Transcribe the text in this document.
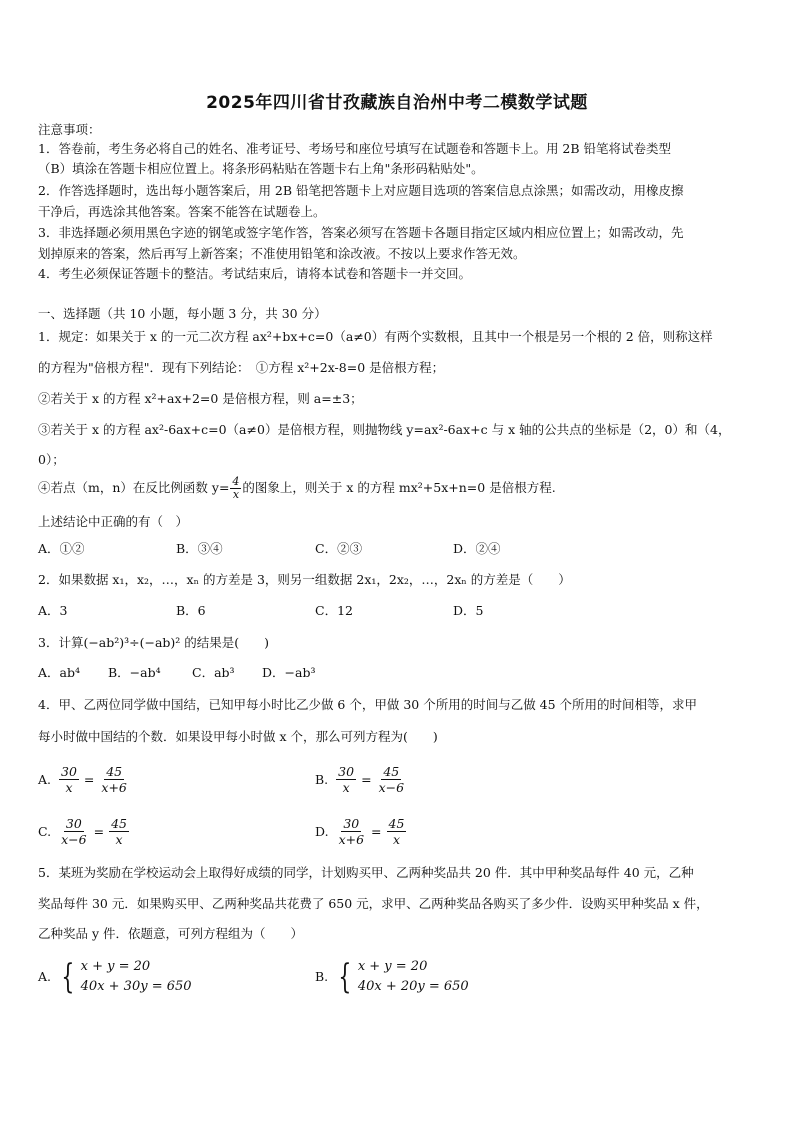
2025年四川省甘孜藏族自治州中考二模数学试题
注意事项：
1．答卷前，考生务必将自己的姓名、准考证号、考场号和座位号填写在试题卷和答题卡上。用 2B 铅笔将试卷类型
（B）填涂在答题卡相应位置上。将条形码粘贴在答题卡右上角"条形码粘贴处"。
2．作答选择题时，选出每小题答案后，用 2B 铅笔把答题卡上对应题目选项的答案信息点涂黑；如需改动，用橡皮擦
干净后，再选涂其他答案。答案不能答在试题卷上。
3．非选择题必须用黑色字迹的钢笔或签字笔作答，答案必须写在答题卡各题目指定区域内相应位置上；如需改动，先
划掉原来的答案，然后再写上新答案；不准使用铅笔和涂改液。不按以上要求作答无效。
4．考生必须保证答题卡的整洁。考试结束后，请将本试卷和答题卡一并交回。
一、选择题（共 10 小题，每小题 3 分，共 30 分）
1．规定：如果关于 x 的一元二次方程 ax²+bx+c=0（a≠0）有两个实数根，且其中一个根是另一个根的 2 倍，则称这样
的方程为"倍根方程"．现有下列结论：　①方程 x²+2x-8=0 是倍根方程；
②若关于 x 的方程 x²+ax+2=0 是倍根方程，则 a=±3；
③若关于 x 的方程 ax²-6ax+c=0（a≠0）是倍根方程，则抛物线 y=ax²-6ax+c 与 x 轴的公共点的坐标是（2，0）和（4，
0）；
④若点（m，n）在反比例函数 $y= \frac{4}{x}$ 的图象上，则关于 x 的方程 mx²+5x+n=0 是倍根方程.
上述结论中正确的有（　）
A．①②	B．③④	C．②③	D．②④
2．如果数据 x₁，x₂，…，xₙ 的方差是 3，则另一组数据 2x₁，2x₂，…，2xₙ 的方差是（　　）
A．3	B．6	C．12	D．5
3．计算(−ab²)³÷(−ab)² 的结果是(　　)
A．ab⁴ B．−ab⁴	C．ab³ D．−ab³
4．甲、乙两位同学做中国结，已知甲每小时比乙少做 6 个，甲做 30 个所用的时间与乙做 45 个所用的时间相等，求甲
每小时做中国结的个数．如果设甲每小时做 x 个，那么可列方程为(　　)
A. $\frac{30}{x} = \frac{45}{x+6}$	B. $\frac{30}{x} = \frac{45}{x-6}$
C. $\frac{30}{x-6} = \frac{45}{x}$	D. $\frac{30}{x+6} = \frac{45}{x}$
5．某班为奖励在学校运动会上取得好成绩的同学，计划购买甲、乙两种奖品共 20 件．其中甲种奖品每件 40 元，乙种
奖品每件 30 元．如果购买甲、乙两种奖品共花费了 650 元，求甲、乙两种奖品各购买了多少件．设购买甲种奖品 x 件，
乙种奖品 y 件．依题意，可列方程组为（　　）
A. { x + y = 20
40x + 30y = 650
B. { x + y = 20
40x + 20y = 650
